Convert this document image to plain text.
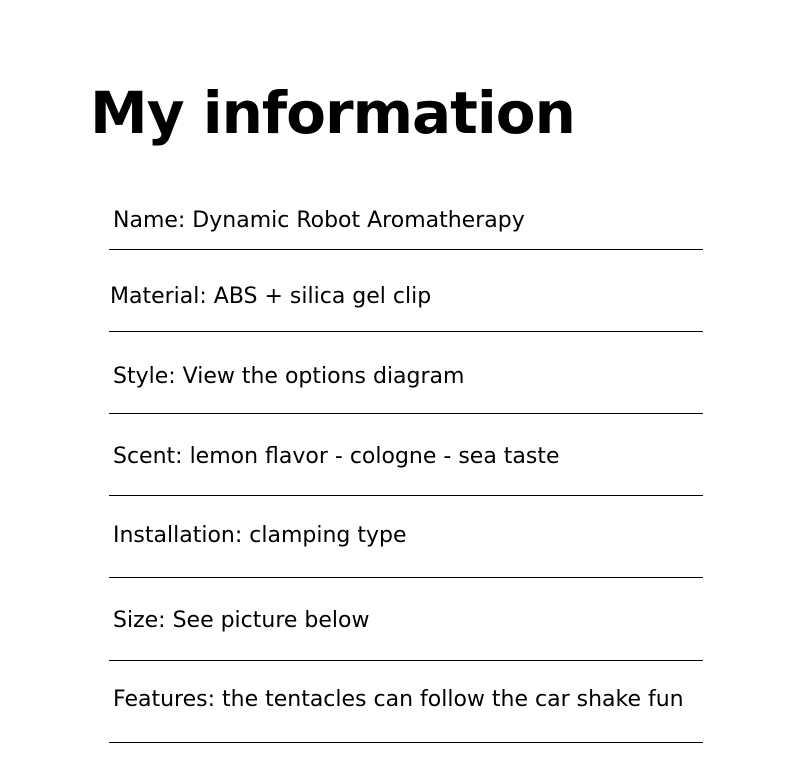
My information
Name: Dynamic Robot Aromatherapy
Material: ABS + silica gel clip
Style: View the options diagram
Scent: lemon flavor - cologne - sea taste
Installation: clamping type
Size: See picture below
Features: the tentacles can follow the car shake fun
